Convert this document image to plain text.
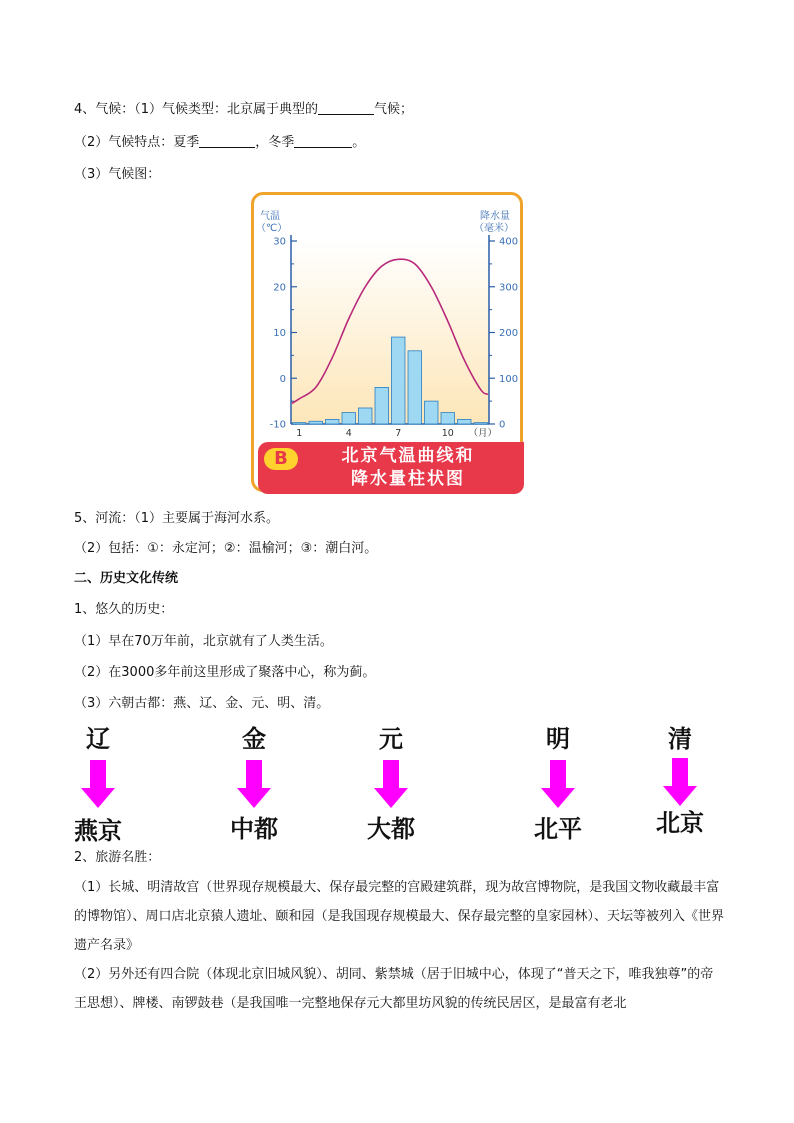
4、气候：（1）气候类型：北京属于典型的	气候；
（2）气候特点：夏季	，冬季	。
（3）气候图：
30
20
10
0
-10
400
300
200
100
0
1	4	7	10 （月）
气温
（℃）
降水量
（毫米）
B	北京气温曲线和
降水量柱状图
5、河流：（1）主要属于海河水系。
（2）包括：①：永定河；②：温榆河；③：潮白河。
二、历史文化传统
1、悠久的历史：
（1）早在70万年前，北京就有了人类生活。
（2）在3000多年前这里形成了聚落中心，称为蓟。
（3）六朝古都：燕、辽、金、元、明、清。
辽
燕京
金
中都
元
大都
明
北平
清
北京
2、旅游名胜：
（1）长城、明清故宫（世界现存规模最大、保存最完整的宫殿建筑群，现为故宫博物院，是我国文物收藏最丰富的博物馆）、周口店北京猿人遗址、颐和园（是我国现存规模最大、保存最完整的皇家园林）、天坛等被列入《世界遗产名录》
（2）另外还有四合院（体现北京旧城风貌）、胡同、紫禁城（居于旧城中心，体现了“普天之下，唯我独尊”的帝王思想）、牌楼、南锣鼓巷（是我国唯一完整地保存元大都里坊风貌的传统民居区，是最富有老北
